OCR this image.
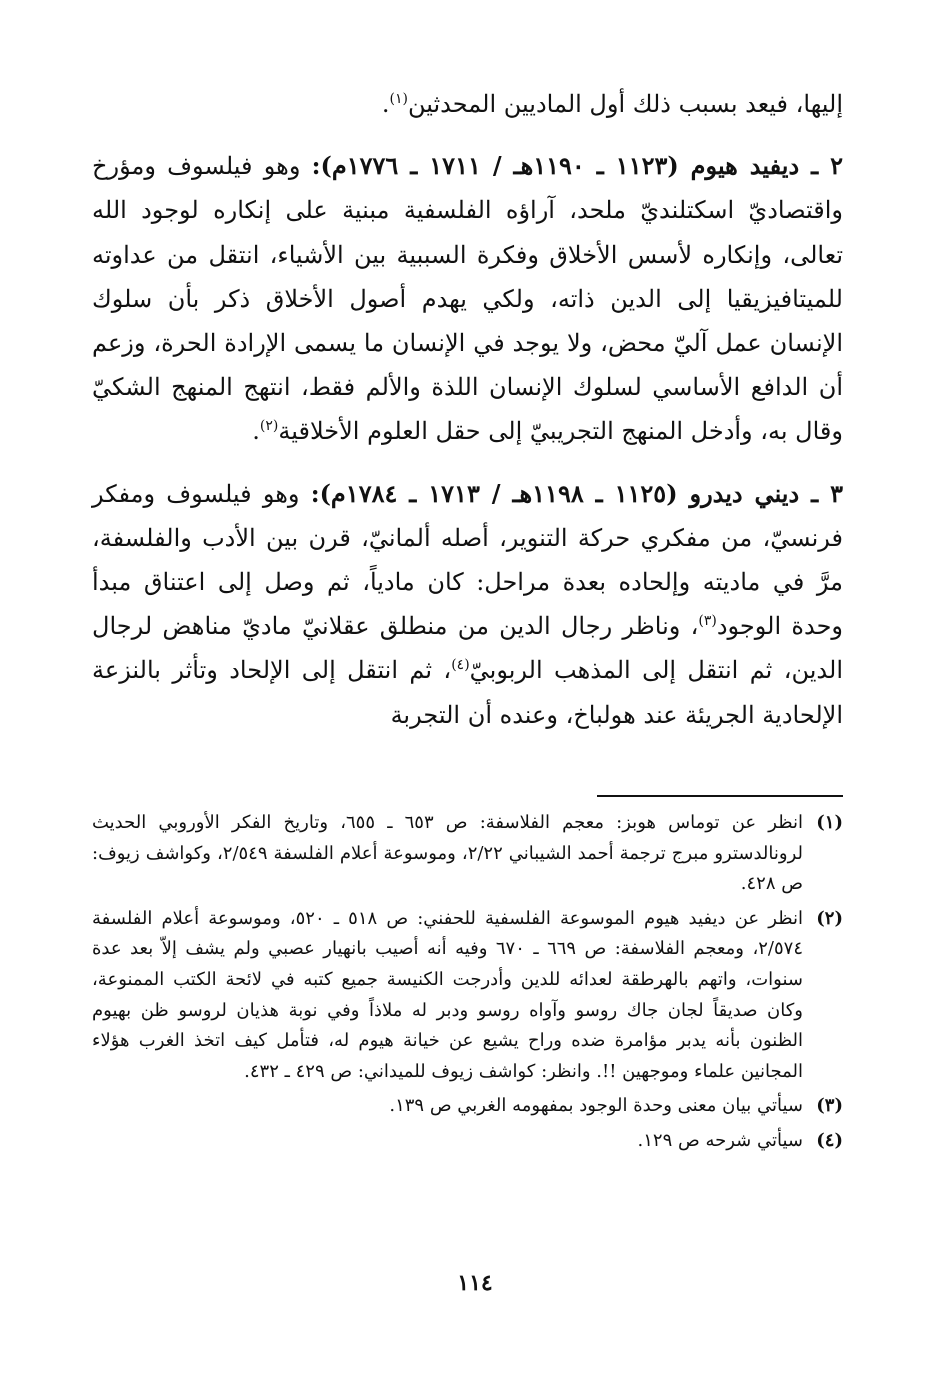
إليها، فيعد بسبب ذلك أول الماديين المحدثين$^{(١)}$.

٢ ـ ديفيد هيوم (١١٢٣ ـ ١١٩٠هـ / ١٧١١ ـ ١٧٧٦م): وهو فيلسوف ومؤرخ واقتصاديّ اسكتلنديّ ملحد، آراؤه الفلسفية مبنية على إنكاره لوجود الله تعالى، وإنكاره لأسس الأخلاق وفكرة السببية بين الأشياء، انتقل من عداوته للميتافيزيقيا إلى الدين ذاته، ولكي يهدم أصول الأخلاق ذكر بأن سلوك الإنسان عمل آليّ محض، ولا يوجد في الإنسان ما يسمى الإرادة الحرة، وزعم أن الدافع الأساسي لسلوك الإنسان اللذة والألم فقط، انتهج المنهج الشكيّ وقال به، وأدخل المنهج التجريبيّ إلى حقل العلوم الأخلاقية$^{(٢)}$.

٣ ـ ديني ديدرو (١١٢٥ ـ ١١٩٨هـ / ١٧١٣ ـ ١٧٨٤م): وهو فيلسوف ومفكر فرنسيّ، من مفكري حركة التنوير، أصله ألمانيّ، قرن بين الأدب والفلسفة، مرَّ في ماديته وإلحاده بعدة مراحل: كان مادياً، ثم وصل إلى اعتناق مبدأ وحدة الوجود$^{(٣)}$، وناظر رجال الدين من منطلق عقلانيّ ماديّ مناهض لرجال الدين، ثم انتقل إلى المذهب الربوبيّ$^{(٤)}$، ثم انتقل إلى الإلحاد وتأثر بالنزعة الإلحادية الجريئة عند هولباخ، وعنده أن التجربة

(١)
انظر عن توماس هوبز: معجم الفلاسفة: ص ٦٥٣ ـ ٦٥٥، وتاريخ الفكر الأوروبي الحديث لرونالدسترو مبرج ترجمة أحمد الشيباني ٢/٢٢، وموسوعة أعلام الفلسفة ٢/٥٤٩، وكواشف زيوف: ص ٤٢٨.
(٢)
انظر عن ديفيد هيوم الموسوعة الفلسفية للحفني: ص ٥١٨ ـ ٥٢٠، وموسوعة أعلام الفلسفة ٢/٥٧٤، ومعجم الفلاسفة: ص ٦٦٩ ـ ٦٧٠ وفيه أنه أصيب بانهيار عصبي ولم يشف إلاّ بعد عدة سنوات، واتهم بالهرطقة لعدائه للدين وأدرجت الكنيسة جميع كتبه في لائحة الكتب الممنوعة، وكان صديقاً لجان جاك روسو وآواه روسو ودبر له ملاذاً وفي نوبة هذيان لروسو ظن بهيوم الظنون بأنه يدبر مؤامرة ضده وراح يشيع عن خيانة هيوم له، فتأمل كيف اتخذ الغرب هؤلاء المجانين علماء وموجهين !!. وانظر: كواشف زيوف للميداني: ص ٤٢٩ ـ ٤٣٢.
(٣)
سيأتي بيان معنى وحدة الوجود بمفهومه الغربي ص ١٣٩.
(٤)
سيأتي شرحه ص ١٢٩.
١١٤
